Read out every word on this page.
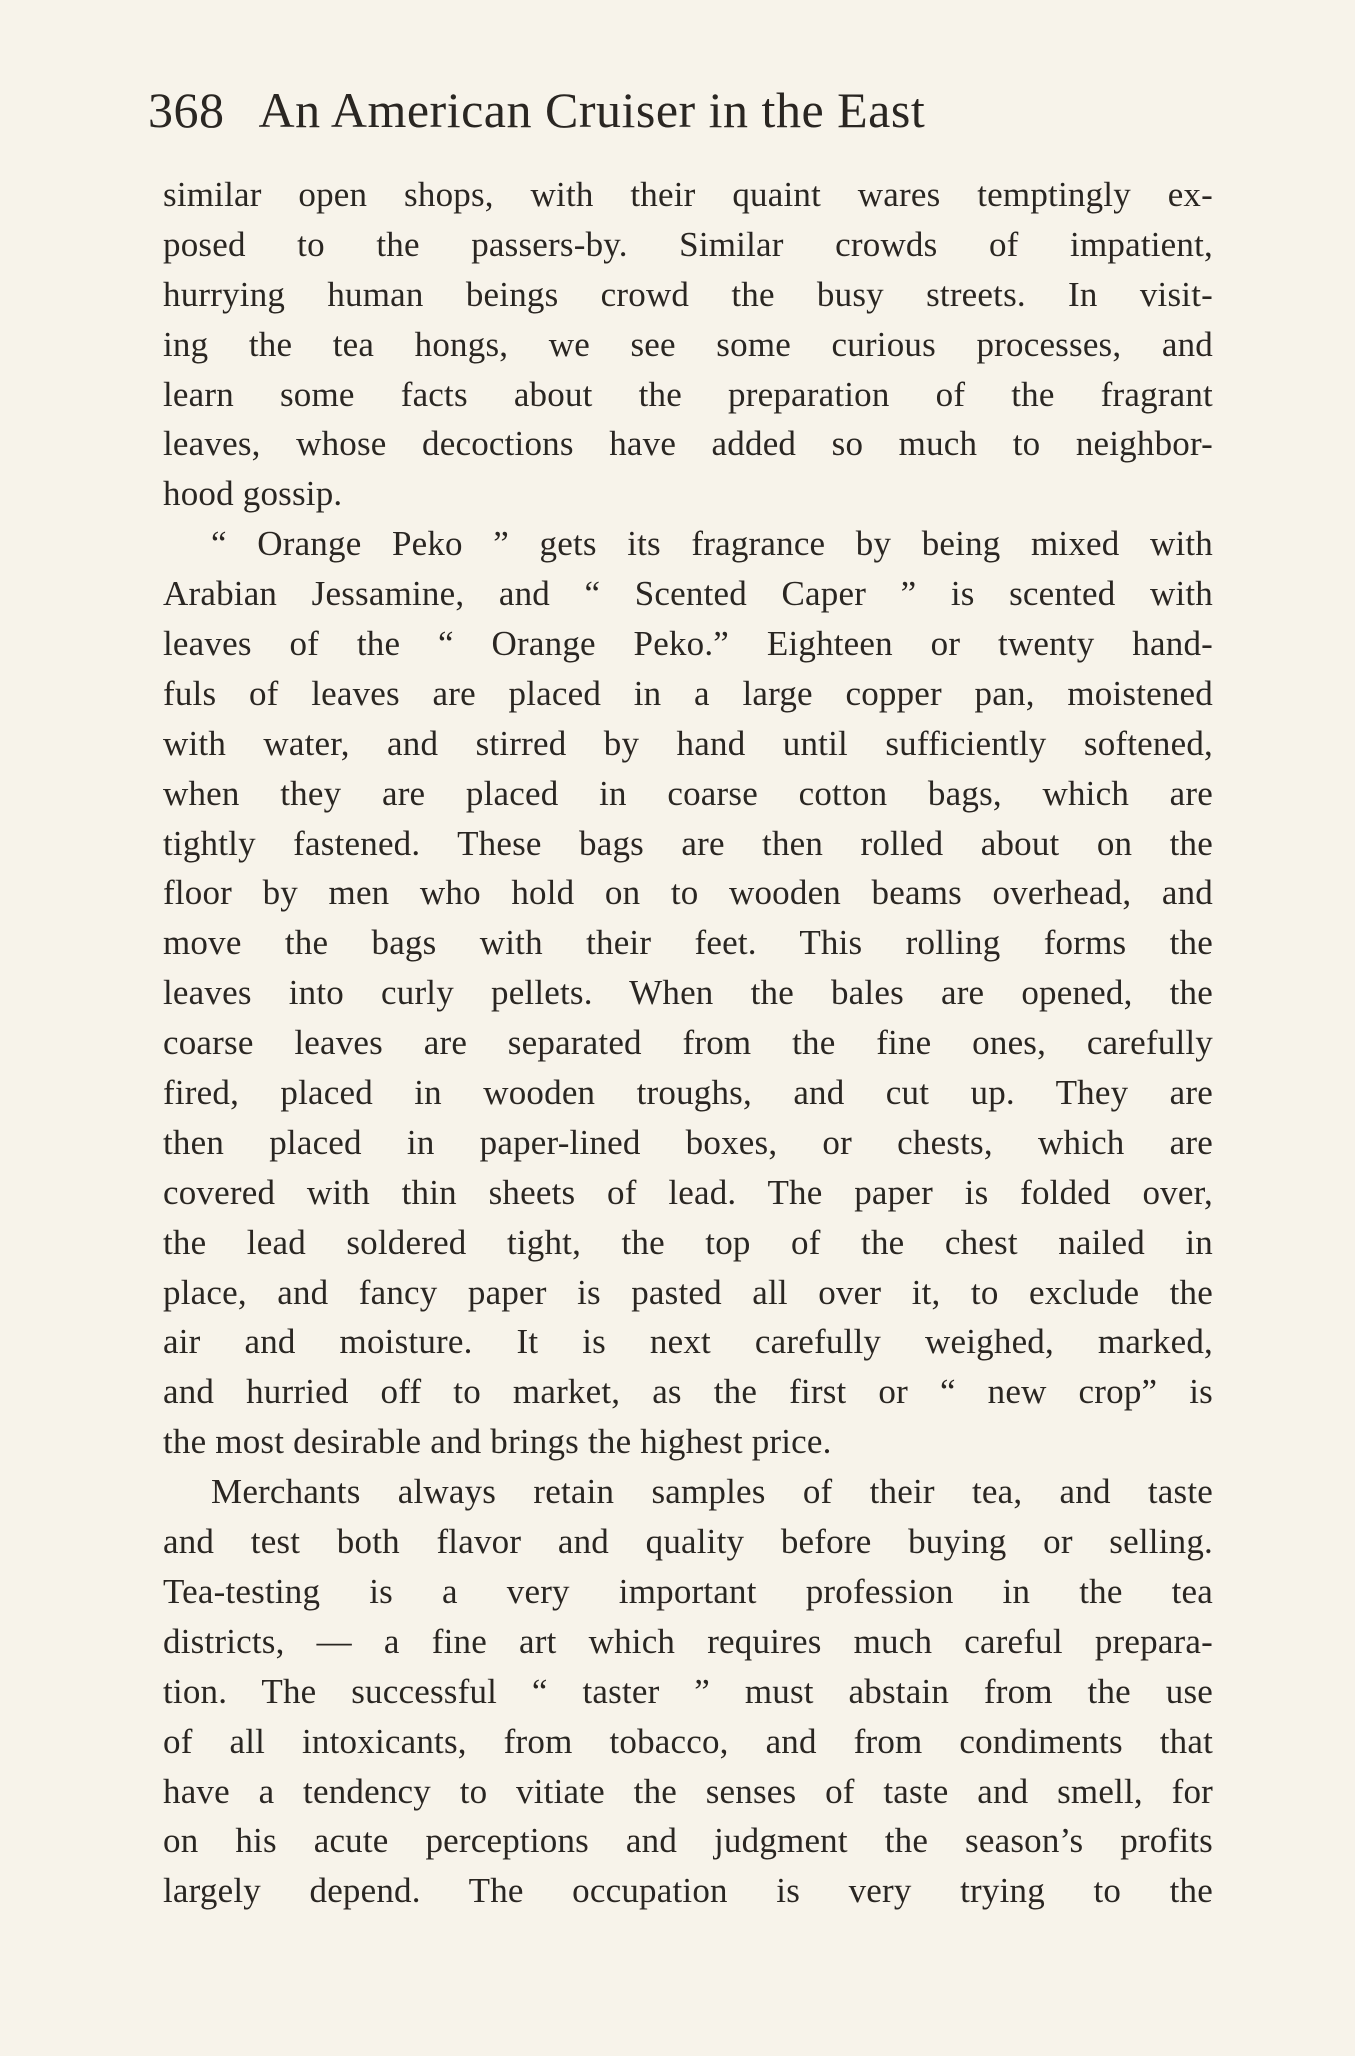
368 An American Cruiser in the East
similar open shops, with their quaint wares temptingly ex-
posed to the passers-by. Similar crowds of impatient,
hurrying human beings crowd the busy streets. In visit-
ing the tea hongs, we see some curious processes, and
learn some facts about the preparation of the fragrant
leaves, whose decoctions have added so much to neighbor-
hood gossip.
“ Orange Peko ” gets its fragrance by being mixed with
Arabian Jessamine, and “ Scented Caper ” is scented with
leaves of the “ Orange Peko.” Eighteen or twenty hand-
fuls of leaves are placed in a large copper pan, moistened
with water, and stirred by hand until sufficiently softened,
when they are placed in coarse cotton bags, which are
tightly fastened. These bags are then rolled about on the
floor by men who hold on to wooden beams overhead, and
move the bags with their feet. This rolling forms the
leaves into curly pellets. When the bales are opened, the
coarse leaves are separated from the fine ones, carefully
fired, placed in wooden troughs, and cut up. They are
then placed in paper-lined boxes, or chests, which are
covered with thin sheets of lead. The paper is folded over,
the lead soldered tight, the top of the chest nailed in
place, and fancy paper is pasted all over it, to exclude the
air and moisture. It is next carefully weighed, marked,
and hurried off to market, as the first or “ new crop” is
the most desirable and brings the highest price.
Merchants always retain samples of their tea, and taste
and test both flavor and quality before buying or selling.
Tea-testing is a very important profession in the tea
districts, — a fine art which requires much careful prepara-
tion. The successful “ taster ” must abstain from the use
of all intoxicants, from tobacco, and from condiments that
have a tendency to vitiate the senses of taste and smell, for
on his acute perceptions and judgment the season’s profits
largely depend. The occupation is very trying to the
